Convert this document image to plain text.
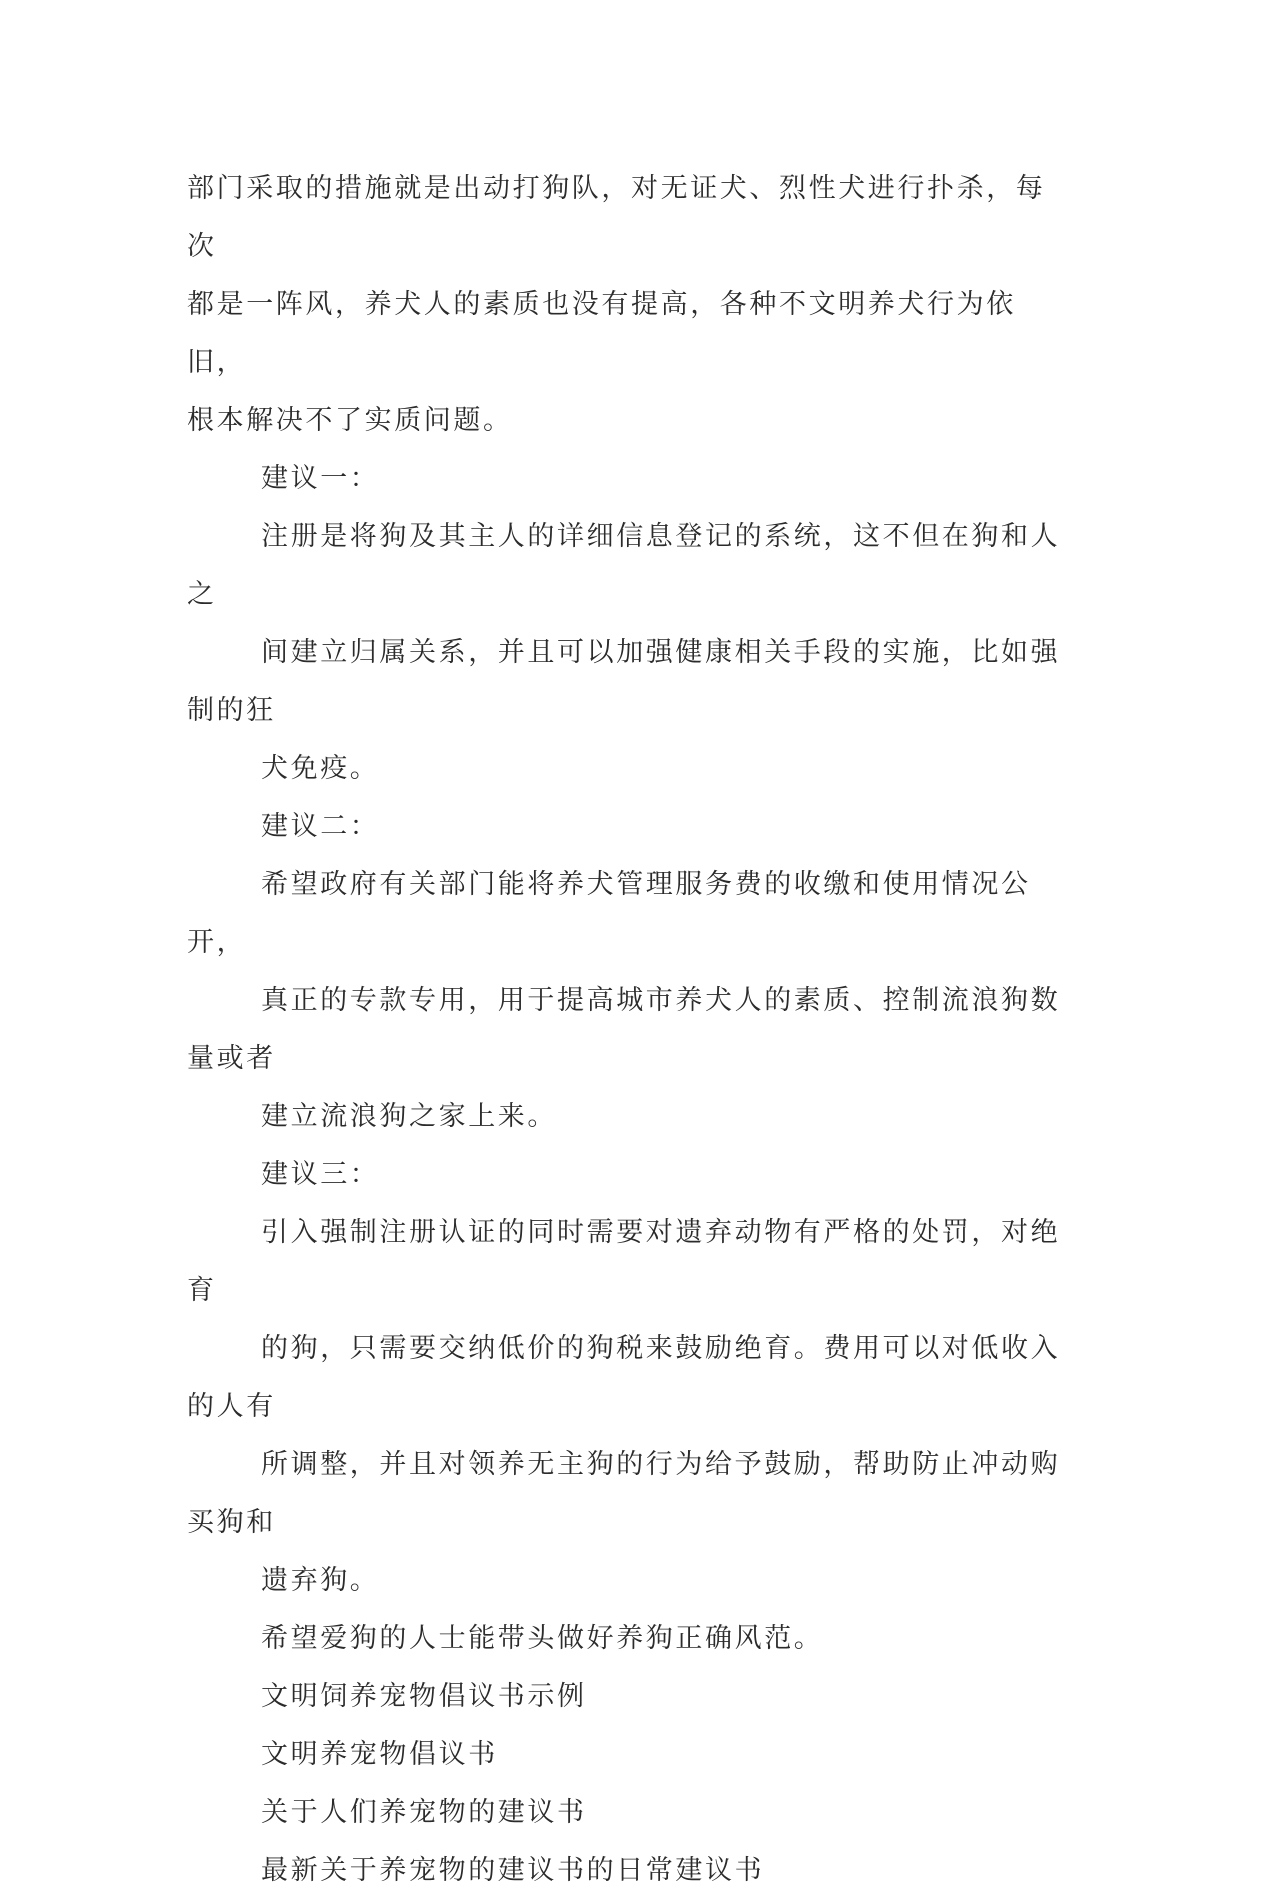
部门采取的措施就是出动打狗队，对无证犬、烈性犬进行扑杀，每次
都是一阵风，养犬人的素质也没有提高，各种不文明养犬行为依旧，
根本解决不了实质问题。

建议一：

注册是将狗及其主人的详细信息登记的系统，这不但在狗和人之
间建立归属关系，并且可以加强健康相关手段的实施，比如强制的狂
犬免疫。

建议二：

希望政府有关部门能将养犬管理服务费的收缴和使用情况公开，
真正的专款专用，用于提高城市养犬人的素质、控制流浪狗数量或者
建立流浪狗之家上来。

建议三：

引入强制注册认证的同时需要对遗弃动物有严格的处罚，对绝育
的狗，只需要交纳低价的狗税来鼓励绝育。费用可以对低收入的人有
所调整，并且对领养无主狗的行为给予鼓励，帮助防止冲动购买狗和
遗弃狗。

希望爱狗的人士能带头做好养狗正确风范。

文明饲养宠物倡议书示例

文明养宠物倡议书

关于人们养宠物的建议书

最新关于养宠物的建议书的日常建议书
